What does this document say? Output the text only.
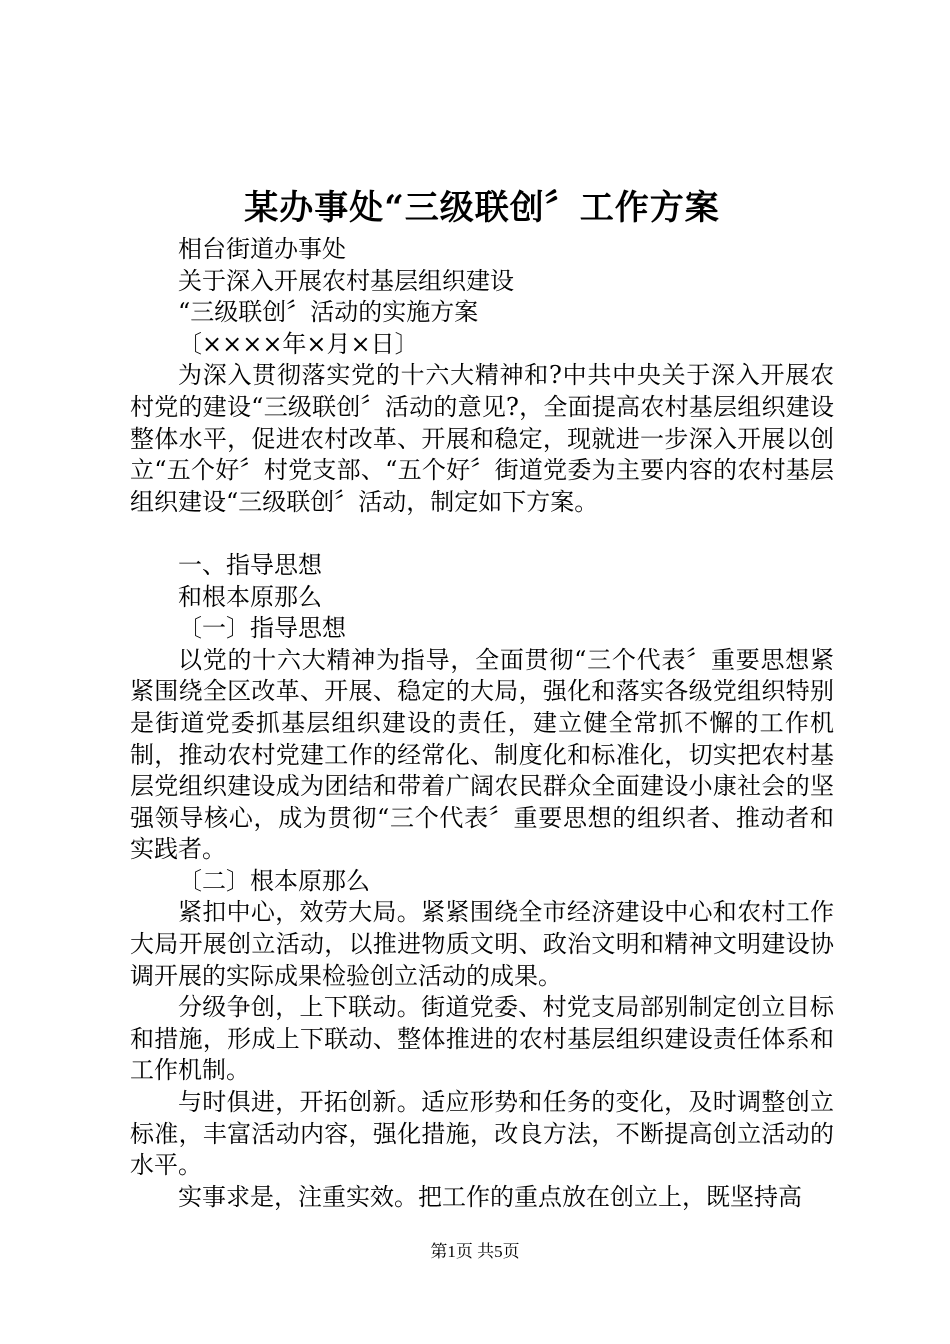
某办事处“三级联创〞工作方案

相台街道办事处

关于深入开展农村基层组织建设

“三级联创〞活动的实施方案

〔××××年×月×日〕

为深入贯彻落实党的十六大精神和?中共中央关于深入开展农村党的建设“三级联创〞活动的意见?，全面提高农村基层组织建设整体水平，促进农村改革、开展和稳定，现就进一步深入开展以创立“五个好〞村党支部、“五个好〞街道党委为主要内容的农村基层组织建设“三级联创〞活动，制定如下方案。

一、指导思想

和根本原那么

〔一〕指导思想

以党的十六大精神为指导，全面贯彻“三个代表〞重要思想紧紧围绕全区改革、开展、稳定的大局，强化和落实各级党组织特别是街道党委抓基层组织建设的责任，建立健全常抓不懈的工作机制，推动农村党建工作的经常化、制度化和标准化，切实把农村基层党组织建设成为团结和带着广阔农民群众全面建设小康社会的坚强领导核心，成为贯彻“三个代表〞重要思想的组织者、推动者和实践者。

〔二〕根本原那么

紧扣中心，效劳大局。紧紧围绕全市经济建设中心和农村工作大局开展创立活动，以推进物质文明、政治文明和精神文明建设协调开展的实际成果检验创立活动的成果。

分级争创，上下联动。街道党委、村党支局部别制定创立目标和措施，形成上下联动、整体推进的农村基层组织建设责任体系和工作机制。

与时俱进，开拓创新。适应形势和任务的变化，及时调整创立标准，丰富活动内容，强化措施，改良方法，不断提高创立活动的水平。

实事求是，注重实效。把工作的重点放在创立上，既坚持高

第1页 共5页
